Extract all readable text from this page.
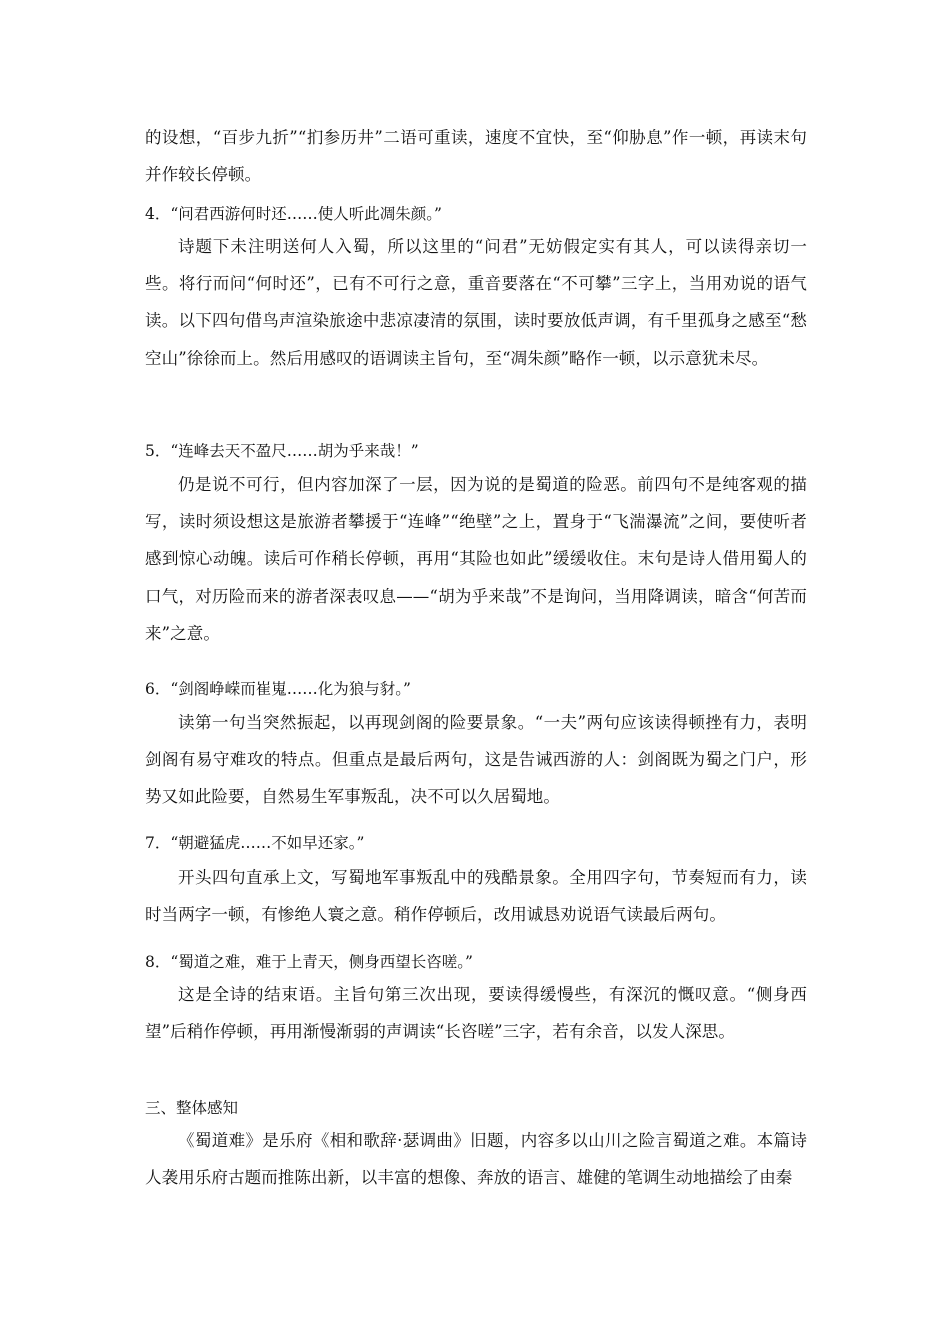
的设想，“百步九折”“扪参历井”二语可重读，速度不宜快，至“仰胁息”作一顿，再读末句并作较长停顿。

4．“问君西游何时还……使人听此凋朱颜。”

诗题下未注明送何人入蜀，所以这里的“问君”无妨假定实有其人，可以读得亲切一些。将行而问“何时还”，已有不可行之意，重音要落在“不可攀”三字上，当用劝说的语气读。以下四句借鸟声渲染旅途中悲凉凄清的氛围，读时要放低声调，有千里孤身之感至“愁空山”徐徐而上。然后用感叹的语调读主旨句，至“凋朱颜”略作一顿，以示意犹未尽。

5．“连峰去天不盈尺……胡为乎来哉！”

仍是说不可行，但内容加深了一层，因为说的是蜀道的险恶。前四句不是纯客观的描写，读时须设想这是旅游者攀援于“连峰”“绝壁”之上，置身于“飞湍瀑流”之间，要使听者感到惊心动魄。读后可作稍长停顿，再用“其险也如此”缓缓收住。末句是诗人借用蜀人的口气，对历险而来的游者深表叹息——“胡为乎来哉”不是询问，当用降调读，暗含“何苦而来”之意。

6．“剑阁峥嵘而崔嵬……化为狼与豺。”

读第一句当突然振起，以再现剑阁的险要景象。“一夫”两句应该读得顿挫有力，表明剑阁有易守难攻的特点。但重点是最后两句，这是告诫西游的人：剑阁既为蜀之门户，形势又如此险要，自然易生军事叛乱，决不可以久居蜀地。

7．“朝避猛虎……不如早还家。”

开头四句直承上文，写蜀地军事叛乱中的残酷景象。全用四字句，节奏短而有力，读时当两字一顿，有惨绝人寰之意。稍作停顿后，改用诚恳劝说语气读最后两句。

8．“蜀道之难，难于上青天，侧身西望长咨嗟。”

这是全诗的结束语。主旨句第三次出现，要读得缓慢些，有深沉的慨叹意。“侧身西望”后稍作停顿，再用渐慢渐弱的声调读“长咨嗟”三字，若有余音，以发人深思。

三、整体感知

《蜀道难》是乐府《相和歌辞·瑟调曲》旧题，内容多以山川之险言蜀道之难。本篇诗人袭用乐府古题而推陈出新，以丰富的想像、奔放的语言、雄健的笔调生动地描绘了由秦
